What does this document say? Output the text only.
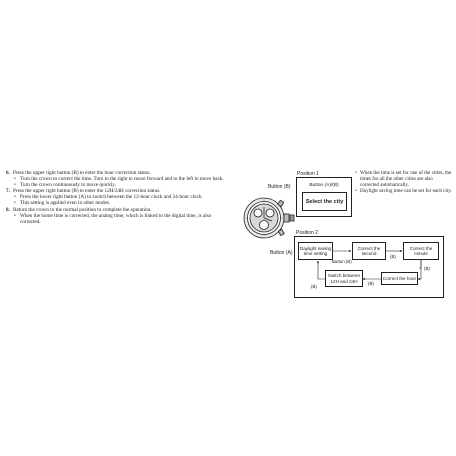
6. Press the upper right button (B) to enter the hour correction status.
• Turn the crown to correct the time. Turn to the right to move forward and to the left to move back.
• Turn the crown continuously to move quickly.
7. Press the upper right button (B) to enter the 12H/24H correction status.
• Press the lower right button (A) to switch between the 12-hour clock and 24-hour clock.
• This setting is applied even in other modes.
8. Return the crown to the normal position to complete the operation.
• When the home time is corrected, the analog time, which is linked to the digital time, is also corrected.
Button (B)
Button (A)
Position 1
Button (A)/(B)
Select the city
• When the time is set for one of the cities, the times for all the other cities are also corrected automatically.
• Daylight saving time can be set for each city.
Position 2
Daylight saving time setting
Correct the second
Correct the minute
Correct the hour
Switch between 12H and 24H
Button (B)
(B)
(B)
(B)
(B)
